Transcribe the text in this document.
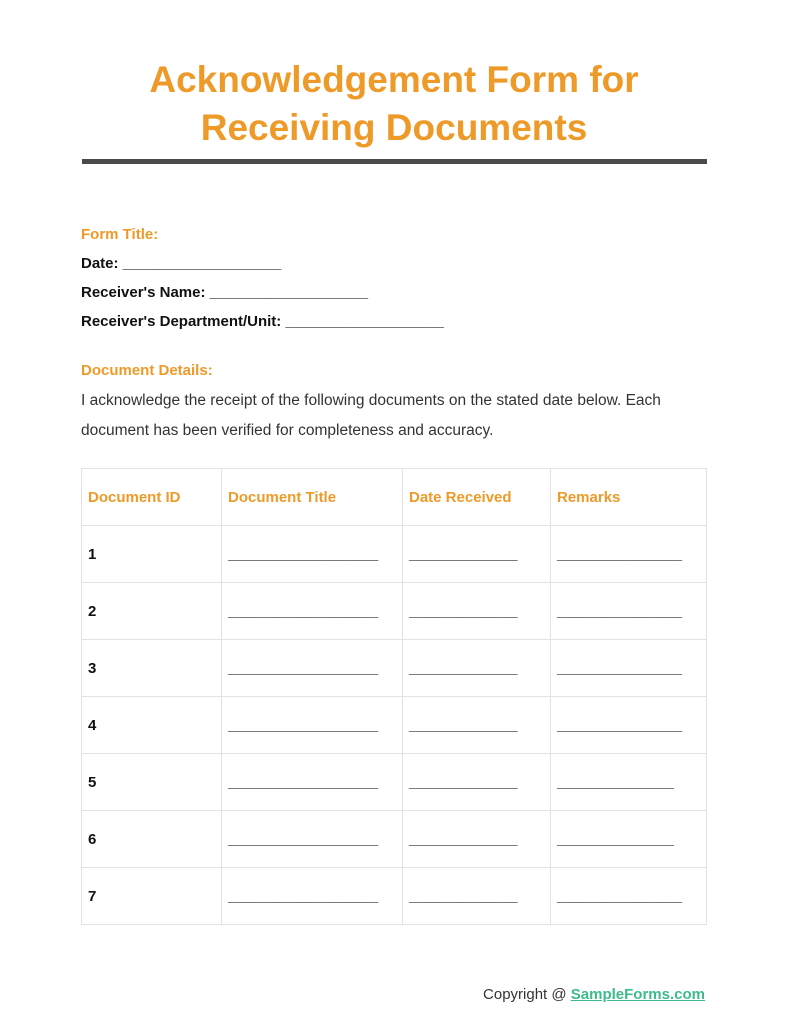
Acknowledgement Form for Receiving Documents
Form Title:
Date: ___________________
Receiver's Name: ___________________
Receiver's Department/Unit: ___________________
Document Details:
I acknowledge the receipt of the following documents on the stated date below. Each document has been verified for completeness and accuracy.
Document ID	Document Title	Date Received	Remarks
1	__________________	_____________	_______________
2	__________________	_____________	_______________
3	__________________	_____________	_______________
4	__________________	_____________	_______________
5	__________________	_____________	______________
6	__________________	_____________	______________
7	__________________	_____________	_______________
Copyright @ SampleForms.com
